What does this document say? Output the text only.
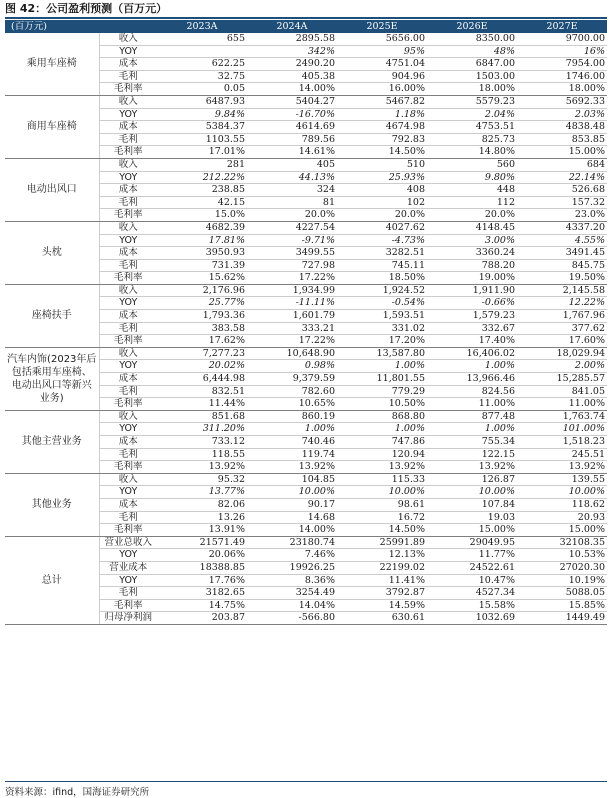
图 42：公司盈利预测（百万元）
(百万元)		2023A	2024A	2025E	2026E	2027E
乘用车座椅	收入	655	2895.58	5656.00	8350.00	9700.00
	YOY		342%	95%	48%	16%
	成本	622.25	2490.20	4751.04	6847.00	7954.00
	毛利	32.75	405.38	904.96	1503.00	1746.00
	毛利率	0.05	14.00%	16.00%	18.00%	18.00%
商用车座椅	收入	6487.93	5404.27	5467.82	5579.23	5692.33
	YOY	9.84%	-16.70%	1.18%	2.04%	2.03%
	成本	5384.37	4614.69	4674.98	4753.51	4838.48
	毛利	1103.55	789.56	792.83	825.73	853.85
	毛利率	17.01%	14.61%	14.50%	14.80%	15.00%
电动出风口	收入	281	405	510	560	684
	YOY	212.22%	44.13%	25.93%	9.80%	22.14%
	成本	238.85	324	408	448	526.68
	毛利	42.15	81	102	112	157.32
	毛利率	15.0%	20.0%	20.0%	20.0%	23.0%
头枕	收入	4682.39	4227.54	4027.62	4148.45	4337.20
	YOY	17.81%	-9.71%	-4.73%	3.00%	4.55%
	成本	3950.93	3499.55	3282.51	3360.24	3491.45
	毛利	731.39	727.98	745.11	788.20	845.75
	毛利率	15.62%	17.22%	18.50%	19.00%	19.50%
座椅扶手	收入	2,176.96	1,934.99	1,924.52	1,911.90	2,145.58
	YOY	25.77%	-11.11%	-0.54%	-0.66%	12.22%
	成本	1,793.36	1,601.79	1,593.51	1,579.23	1,767.96
	毛利	383.58	333.21	331.02	332.67	377.62
	毛利率	17.62%	17.22%	17.20%	17.40%	17.60%
汽车内饰(2023年后包括乘用车座椅、电动出风口等新兴业务)	收入	7,277.23	10,648.90	13,587.80	16,406.02	18,029.94
	YOY	20.02%	0.98%	1.00%	1.00%	2.00%
	成本	6,444.98	9,379.59	11,801.55	13,966.46	15,285.57
	毛利	832.51	782.60	779.29	824.56	841.05
	毛利率	11.44%	10.65%	10.50%	11.00%	11.00%
其他主营业务	收入	851.68	860.19	868.80	877.48	1,763.74
	YOY	311.20%	1.00%	1.00%	1.00%	101.00%
	成本	733.12	740.46	747.86	755.34	1,518.23
	毛利	118.55	119.74	120.94	122.15	245.51
	毛利率	13.92%	13.92%	13.92%	13.92%	13.92%
其他业务	收入	95.32	104.85	115.33	126.87	139.55
	YOY	13.77%	10.00%	10.00%	10.00%	10.00%
	成本	82.06	90.17	98.61	107.84	118.62
	毛利	13.26	14.68	16.72	19.03	20.93
	毛利率	13.91%	14.00%	14.50%	15.00%	15.00%
总计	营业总收入	21571.49	23180.74	25991.89	29049.95	32108.35
	YOY	20.06%	7.46%	12.13%	11.77%	10.53%
	营业成本	18388.85	19926.25	22199.02	24522.61	27020.30
	YOY	17.76%	8.36%	11.41%	10.47%	10.19%
	毛利	3182.65	3254.49	3792.87	4527.34	5088.05
	毛利率	14.75%	14.04%	14.59%	15.58%	15.85%
	归母净利润	203.87	-566.80	630.61	1032.69	1449.49
资料来源：ifind，国海证券研究所
